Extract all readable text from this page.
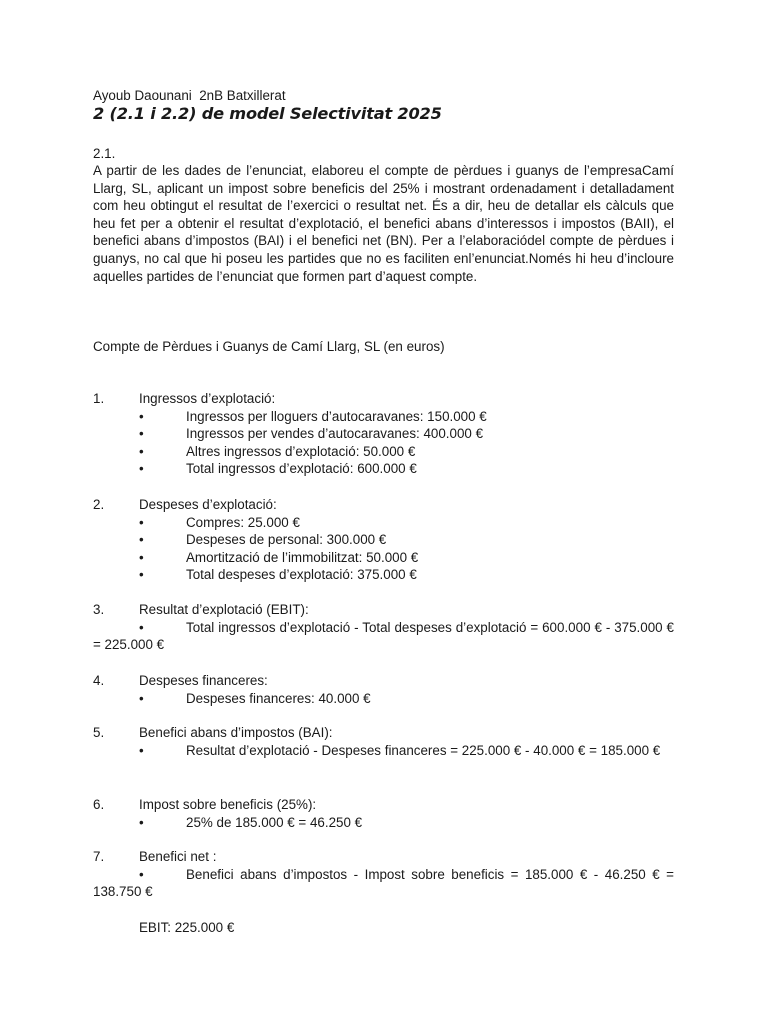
Ayoub Daounani  2nB Batxillerat
2 (2.1 i 2.2) de model Selectivitat 2025
2.1.
A partir de les dades de l’enunciat, elaboreu el compte de pèrdues i guanys de l’empresaCamí Llarg, SL, aplicant un impost sobre beneficis del 25% i mostrant ordenadament i detalladament com heu obtingut el resultat de l’exercici o resultat net. És a dir, heu de detallar els càlculs que heu fet per a obtenir el resultat d’explotació, el benefici abans d’interessos i impostos (BAII), el benefici abans d’impostos (BAI) i el benefici net (BN). Per a l’elaboraciódel compte de pèrdues i guanys, no cal que hi poseu les partides que no es faciliten enl’enunciat.Només hi heu d’incloure aquelles partides de l’enunciat que formen part d’aquest compte.
Compte de Pèrdues i Guanys de Camí Llarg, SL (en euros)
1.	Ingressos d’explotació:
•	Ingressos per lloguers d’autocaravanes: 150.000 €
•	Ingressos per vendes d’autocaravanes: 400.000 €
•	Altres ingressos d’explotació: 50.000 €
•	Total ingressos d’explotació: 600.000 €
2.	Despeses d’explotació:
•	Compres: 25.000 €
•	Despeses de personal: 300.000 €
•	Amortització de l’immobilitzat: 50.000 €
•	Total despeses d’explotació: 375.000 €
3.	Resultat d’explotació (EBIT):
•	Total ingressos d’explotació - Total despeses d’explotació = 600.000 € - 375.000 € = 225.000 €
4.	Despeses financeres:
•	Despeses financeres: 40.000 €
5.	Benefici abans d’impostos (BAI):
•	Resultat d’explotació - Despeses financeres = 225.000 € - 40.000 € = 185.000 €
6.	Impost sobre beneficis (25%):
•	25% de 185.000 € = 46.250 €
7.	Benefici net :
•	Benefici abans d’impostos - Impost sobre beneficis = 185.000 € - 46.250 € = 138.750 €
EBIT: 225.000 €
